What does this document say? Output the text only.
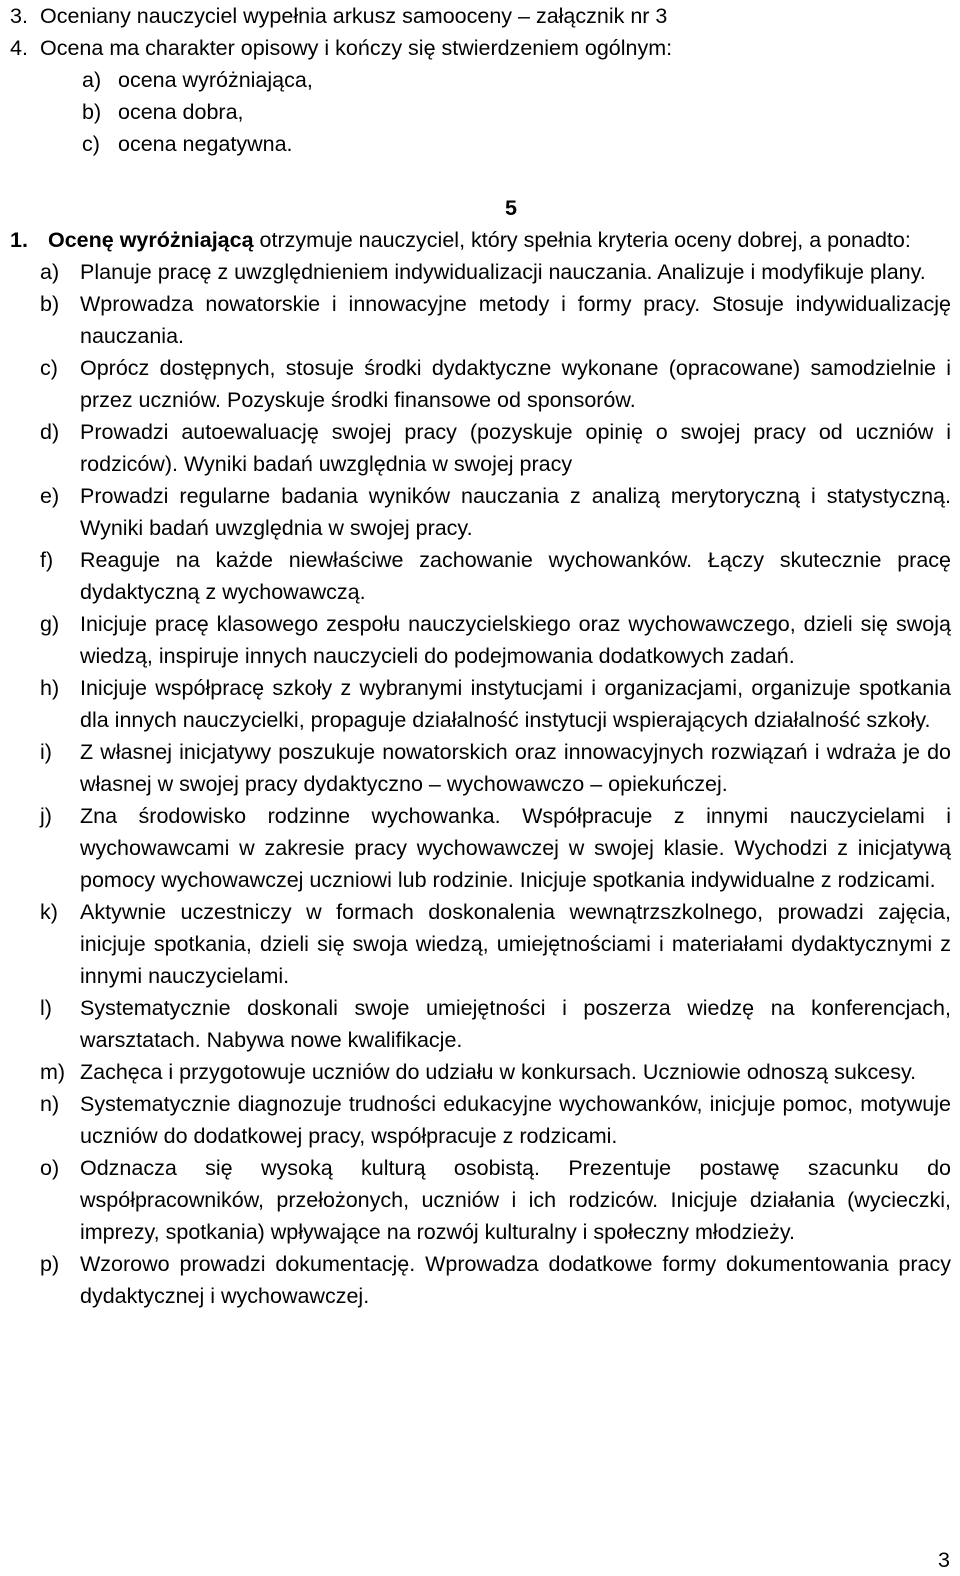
3. Oceniany nauczyciel wypełnia arkusz samooceny – załącznik nr 3
4. Ocena ma charakter opisowy i kończy się stwierdzeniem ogólnym:
a) ocena wyróżniająca,
b) ocena dobra,
c) ocena negatywna.
5
1. Ocenę wyróżniającą otrzymuje nauczyciel, który spełnia kryteria oceny dobrej, a ponadto:
a) Planuje pracę z uwzględnieniem indywidualizacji nauczania. Analizuje i modyfikuje plany.
b) Wprowadza nowatorskie i innowacyjne metody i formy pracy. Stosuje indywidualizację nauczania.
c) Oprócz dostępnych, stosuje środki dydaktyczne wykonane (opracowane) samodzielnie i przez uczniów. Pozyskuje środki finansowe od sponsorów.
d) Prowadzi autoewaluację swojej pracy (pozyskuje opinię o swojej pracy od uczniów i rodziców). Wyniki badań uwzględnia w swojej pracy
e) Prowadzi regularne badania wyników nauczania z analizą merytoryczną i statystyczną. Wyniki badań uwzględnia w swojej pracy.
f) Reaguje na każde niewłaściwe zachowanie wychowanków. Łączy skutecznie pracę dydaktyczną z wychowawczą.
g) Inicjuje pracę klasowego zespołu nauczycielskiego oraz wychowawczego, dzieli się swoją wiedzą, inspiruje innych nauczycieli do podejmowania dodatkowych zadań.
h) Inicjuje współpracę szkoły z wybranymi instytucjami i organizacjami, organizuje spotkania dla innych nauczycielki, propaguje działalność instytucji wspierających działalność szkoły.
i) Z własnej inicjatywy poszukuje nowatorskich oraz innowacyjnych rozwiązań i wdraża je do własnej w swojej pracy dydaktyczno – wychowawczo – opiekuńczej.
j) Zna środowisko rodzinne wychowanka. Współpracuje z innymi nauczycielami i wychowawcami w zakresie pracy wychowawczej w swojej klasie. Wychodzi z inicjatywą pomocy wychowawczej uczniowi lub rodzinie. Inicjuje spotkania indywidualne z rodzicami.
k) Aktywnie uczestniczy w formach doskonalenia wewnątrzszkolnego, prowadzi zajęcia, inicjuje spotkania, dzieli się swoja wiedzą, umiejętnościami i materiałami dydaktycznymi z innymi nauczycielami.
l) Systematycznie doskonali swoje umiejętności i poszerza wiedzę na konferencjach, warsztatach. Nabywa nowe kwalifikacje.
m) Zachęca i przygotowuje uczniów do udziału w konkursach. Uczniowie odnoszą sukcesy.
n) Systematycznie diagnozuje trudności edukacyjne wychowanków, inicjuje pomoc, motywuje uczniów do dodatkowej pracy, współpracuje z rodzicami.
o) Odznacza się wysoką kulturą osobistą. Prezentuje postawę szacunku do współpracowników, przełożonych, uczniów i ich rodziców. Inicjuje działania (wycieczki, imprezy, spotkania) wpływające na rozwój kulturalny i społeczny młodzieży.
p) Wzorowo prowadzi dokumentację. Wprowadza dodatkowe formy dokumentowania pracy dydaktycznej i wychowawczej.
3
